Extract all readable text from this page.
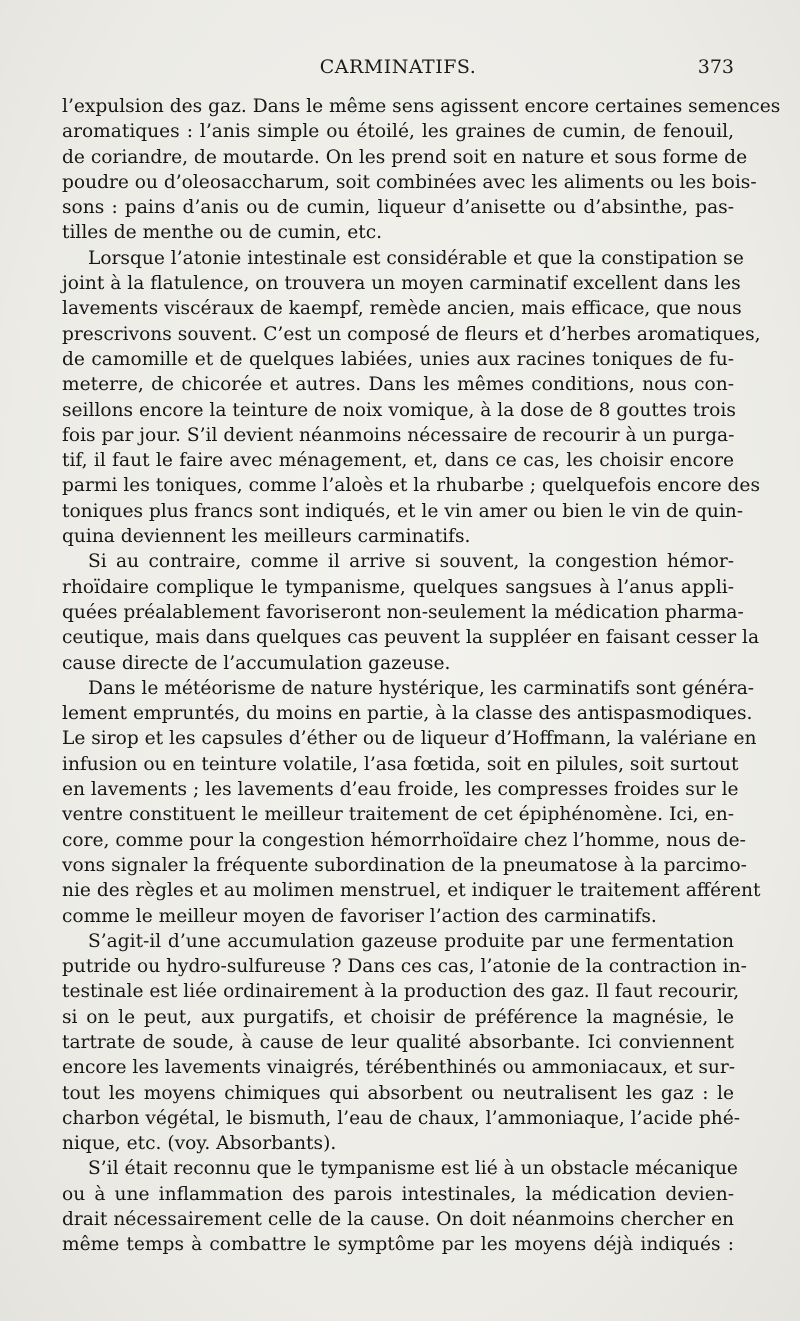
CARMINATIFS.	373
l’expulsion des gaz. Dans le même sens agissent encore certaines semences
aromatiques : l’anis simple ou étoilé, les graines de cumin, de fenouil,
de coriandre, de moutarde. On les prend soit en nature et sous forme de
poudre ou d’oleosaccharum, soit combinées avec les aliments ou les bois-
sons : pains d’anis ou de cumin, liqueur d’anisette ou d’absinthe, pas-
tilles de menthe ou de cumin, etc.
Lorsque l’atonie intestinale est considérable et que la constipation se
joint à la flatulence, on trouvera un moyen carminatif excellent dans les
lavements viscéraux de kaempf, remède ancien, mais efficace, que nous
prescrivons souvent. C’est un composé de fleurs et d’herbes aromatiques,
de camomille et de quelques labiées, unies aux racines toniques de fu-
meterre, de chicorée et autres. Dans les mêmes conditions, nous con-
seillons encore la teinture de noix vomique, à la dose de 8 gouttes trois
fois par jour. S’il devient néanmoins nécessaire de recourir à un purga-
tif, il faut le faire avec ménagement, et, dans ce cas, les choisir encore
parmi les toniques, comme l’aloès et la rhubarbe ; quelquefois encore des
toniques plus francs sont indiqués, et le vin amer ou bien le vin de quin-
quina deviennent les meilleurs carminatifs.
Si au contraire, comme il arrive si souvent, la congestion hémor-
rhoïdaire complique le tympanisme, quelques sangsues à l’anus appli-
quées préalablement favoriseront non-seulement la médication pharma-
ceutique, mais dans quelques cas peuvent la suppléer en faisant cesser la
cause directe de l’accumulation gazeuse.
Dans le météorisme de nature hystérique, les carminatifs sont généra-
lement empruntés, du moins en partie, à la classe des antispasmodiques.
Le sirop et les capsules d’éther ou de liqueur d’Hoffmann, la valériane en
infusion ou en teinture volatile, l’asa fœtida, soit en pilules, soit surtout
en lavements ; les lavements d’eau froide, les compresses froides sur le
ventre constituent le meilleur traitement de cet épiphénomène. Ici, en-
core, comme pour la congestion hémorrhoïdaire chez l’homme, nous de-
vons signaler la fréquente subordination de la pneumatose à la parcimo-
nie des règles et au molimen menstruel, et indiquer le traitement afférent
comme le meilleur moyen de favoriser l’action des carminatifs.
S’agit-il d’une accumulation gazeuse produite par une fermentation
putride ou hydro-sulfureuse ? Dans ces cas, l’atonie de la contraction in-
testinale est liée ordinairement à la production des gaz. Il faut recourir,
si on le peut, aux purgatifs, et choisir de préférence la magnésie, le
tartrate de soude, à cause de leur qualité absorbante. Ici conviennent
encore les lavements vinaigrés, térébenthinés ou ammoniacaux, et sur-
tout les moyens chimiques qui absorbent ou neutralisent les gaz : le
charbon végétal, le bismuth, l’eau de chaux, l’ammoniaque, l’acide phé-
nique, etc. (voy. Absorbants).
S’il était reconnu que le tympanisme est lié à un obstacle mécanique
ou à une inflammation des parois intestinales, la médication devien-
drait nécessairement celle de la cause. On doit néanmoins chercher en
même temps à combattre le symptôme par les moyens déjà indiqués :
